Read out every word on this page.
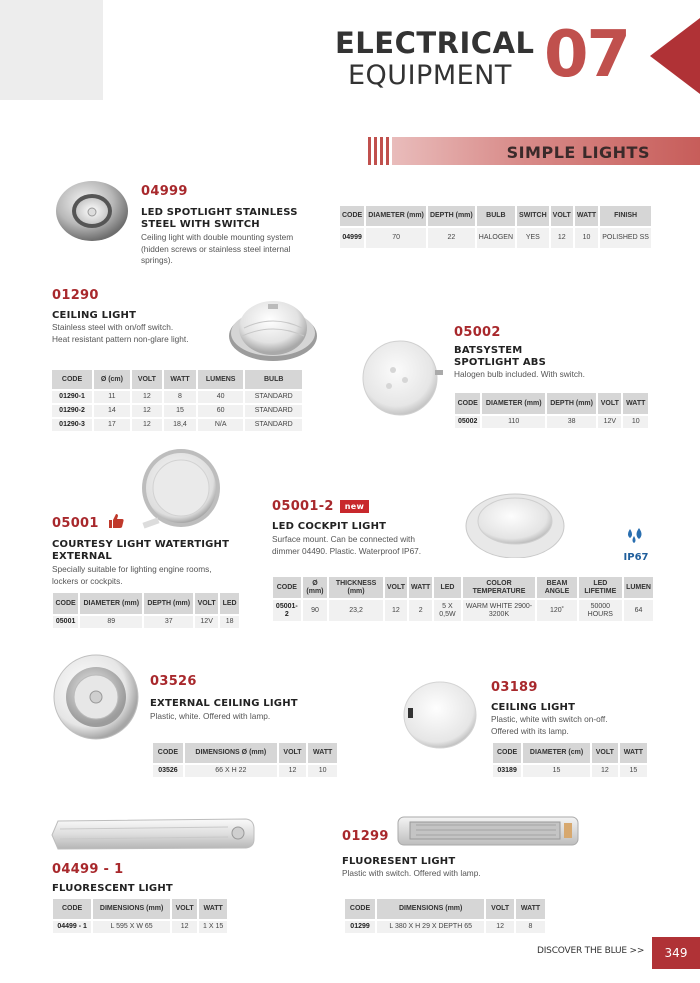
ELECTRICAL
EQUIPMENT 07
SIMPLE LIGHTS
04999
LED SPOTLIGHT STAINLESS
STEEL WITH SWITCH
Ceiling light with double mounting system
(hidden screws or stainless steel internal
springs).
CODE	DIAMETER (mm)	DEPTH (mm)	BULB	SWITCH	VOLT	WATT	FINISH
04999	70	22	HALOGEN	YES	12	10	POLISHED SS
01290
CEILING LIGHT
Stainless steel with on/off switch.
Heat resistant pattern non-glare light.
CODE	Ø (cm)	VOLT	WATT	LUMENS	BULB
01290-1	11	12	8	40	STANDARD
01290-2	14	12	15	60	STANDARD
01290-3	17	12	18,4	N/A	STANDARD
05002
BATSYSTEM
SPOTLIGHT ABS
Halogen bulb included. With switch.
CODE	DIAMETER (mm)	DEPTH (mm)	VOLT	WATT
05002	110	38	12V	10
05001
COURTESY LIGHT WATERTIGHT
EXTERNAL
Specially suitable for lighting engine rooms,
lockers or cockpits.
CODE	DIAMETER (mm)	DEPTH (mm)	VOLT	LED
05001	89	37	12V	18
05001-2 new
LED COCKPIT LIGHT
Surface mount. Can be connected with
dimmer 04490. Plastic. Waterproof IP67.
IP67
CODE	Ø (mm)	THICKNESS (mm)	VOLT	WATT	LED	COLOR TEMPERATURE	BEAM ANGLE	LED LIFETIME	LUMEN
05001-2	90	23,2	12	2	5 X 0,5W	WARM WHITE 2900-3200K	120˚	50000 HOURS	64
03526
EXTERNAL CEILING LIGHT
Plastic, white. Offered with lamp.
CODE	DIMENSIONS Ø (mm)	VOLT	WATT
03526	66 X H 22	12	10
03189
CEILING LIGHT
Plastic, white with switch on-off.
Offered with its lamp.
CODE	DIAMETER (cm)	VOLT	WATT
03189	15	12	15
04499 - 1
FLUORESCENT LIGHT
CODE	DIMENSIONS (mm)	VOLT	WATT
04499 - 1	L 595 X W 65	12	1 X 15
01299
FLUORESENT LIGHT
Plastic with switch. Offered with lamp.
CODE	DIMENSIONS (mm)	VOLT	WATT
01299	L 380 X H 29 X DEPTH 65	12	8
DISCOVER THE BLUE >>	349
